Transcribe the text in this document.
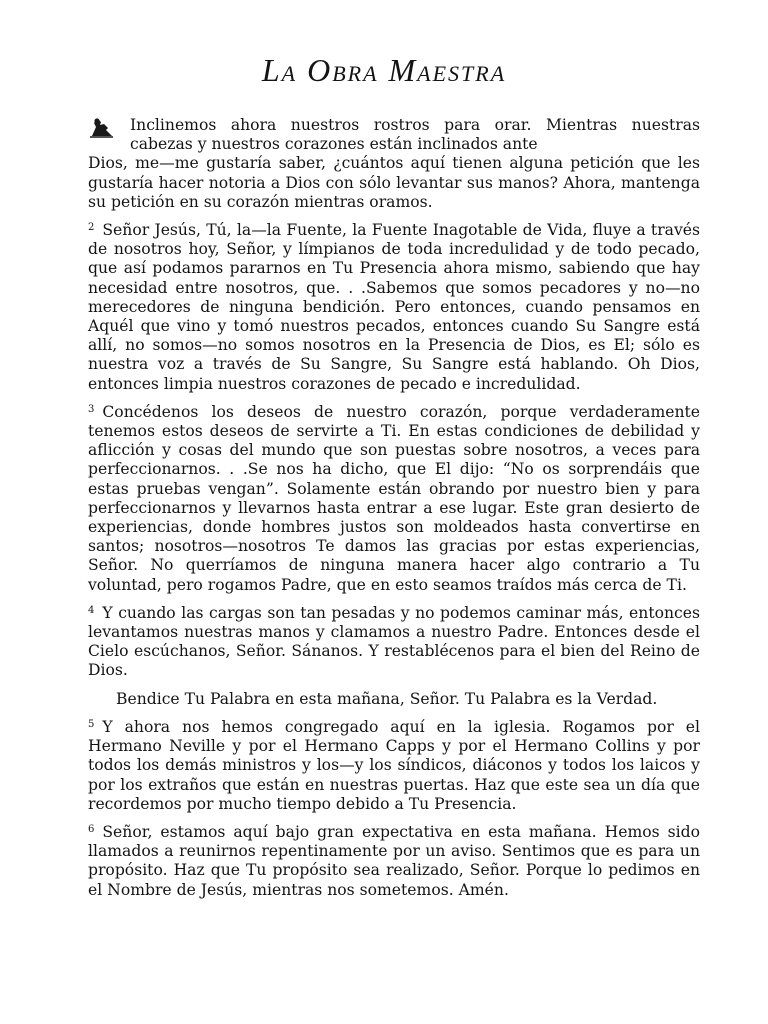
La Obra Maestra

Inclinemos ahora nuestros rostros para orar. Mientras nuestras cabezas y nuestros corazones están inclinados ante
Dios, me—me gustaría saber, ¿cuántos aquí tienen alguna petición que les gustaría hacer notoria a Dios con sólo levantar sus manos? Ahora, mantenga su petición en su corazón mientras oramos.

2 Señor Jesús, Tú, la—la Fuente, la Fuente Inagotable de Vida, fluye a través de nosotros hoy, Señor, y límpianos de toda incredulidad y de todo pecado, que así podamos pararnos en Tu Presencia ahora mismo, sabiendo que hay necesidad entre nosotros, que. . .Sabemos que somos pecadores y no—no merecedores de ninguna bendición. Pero entonces, cuando pensamos en Aquél que vino y tomó nuestros pecados, entonces cuando Su Sangre está allí, no somos—no somos nosotros en la Presencia de Dios, es El; sólo es nuestra voz a través de Su Sangre, Su Sangre está hablando. Oh Dios, entonces limpia nuestros corazones de pecado e incredulidad.

3 Concédenos los deseos de nuestro corazón, porque verdaderamente tenemos estos deseos de servirte a Ti. En estas condiciones de debilidad y aflicción y cosas del mundo que son puestas sobre nosotros, a veces para perfeccionarnos. . .Se nos ha dicho, que El dijo: “No os sorprendáis que estas pruebas vengan”. Solamente están obrando por nuestro bien y para perfeccionarnos y llevarnos hasta entrar a ese lugar. Este gran desierto de experiencias, donde hombres justos son moldeados hasta convertirse en santos; nosotros—nosotros Te damos las gracias por estas experiencias, Señor. No querríamos de ninguna manera hacer algo contrario a Tu voluntad, pero rogamos Padre, que en esto seamos traídos más cerca de Ti.

4 Y cuando las cargas son tan pesadas y no podemos caminar más, entonces levantamos nuestras manos y clamamos a nuestro Padre. Entonces desde el Cielo escúchanos, Señor. Sánanos. Y restablécenos para el bien del Reino de Dios.

Bendice Tu Palabra en esta mañana, Señor. Tu Palabra es la Verdad.

5 Y ahora nos hemos congregado aquí en la iglesia. Rogamos por el Hermano Neville y por el Hermano Capps y por el Hermano Collins y por todos los demás ministros y los—y los síndicos, diáconos y todos los laicos y por los extraños que están en nuestras puertas. Haz que este sea un día que recordemos por mucho tiempo debido a Tu Presencia.

6 Señor, estamos aquí bajo gran expectativa en esta mañana. Hemos sido llamados a reunirnos repentinamente por un aviso. Sentimos que es para un propósito. Haz que Tu propósito sea realizado, Señor. Porque lo pedimos en el Nombre de Jesús, mientras nos sometemos. Amén.
